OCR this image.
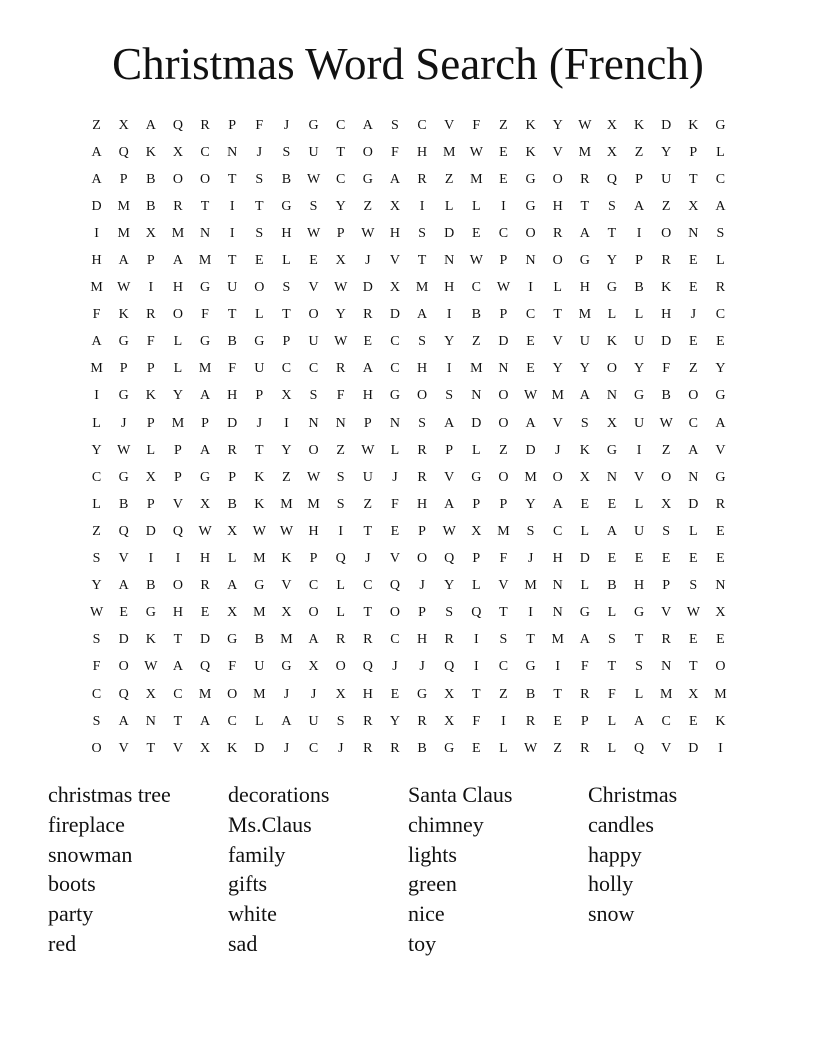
Christmas Word Search (French)
Z	X	A	Q	R	P	F	J	G	C	A	S	C	V	F	Z	K	Y	W	X	K	D	K	G
A	Q	K	X	C	N	J	S	U	T	O	F	H	M	W	E	K	V	M	X	Z	Y	P	L
A	P	B	O	O	T	S	B	W	C	G	A	R	Z	M	E	G	O	R	Q	P	U	T	C
D	M	B	R	T	I	T	G	S	Y	Z	X	I	L	L	I	G	H	T	S	A	Z	X	A
I	M	X	M	N	I	S	H	W	P	W	H	S	D	E	C	O	R	A	T	I	O	N	S
H	A	P	A	M	T	E	L	E	X	J	V	T	N	W	P	N	O	G	Y	P	R	E	L
M	W	I	H	G	U	O	S	V	W	D	X	M	H	C	W	I	L	H	G	B	K	E	R
F	K	R	O	F	T	L	T	O	Y	R	D	A	I	B	P	C	T	M	L	L	H	J	C
A	G	F	L	G	B	G	P	U	W	E	C	S	Y	Z	D	E	V	U	K	U	D	E	E
M	P	P	L	M	F	U	C	C	R	A	C	H	I	M	N	E	Y	Y	O	Y	F	Z	Y
I	G	K	Y	A	H	P	X	S	F	H	G	O	S	N	O	W	M	A	N	G	B	O	G
L	J	P	M	P	D	J	I	N	N	P	N	S	A	D	O	A	V	S	X	U	W	C	A
Y	W	L	P	A	R	T	Y	O	Z	W	L	R	P	L	Z	D	J	K	G	I	Z	A	V
C	G	X	P	G	P	K	Z	W	S	U	J	R	V	G	O	M	O	X	N	V	O	N	G
L	B	P	V	X	B	K	M	M	S	Z	F	H	A	P	P	Y	A	E	E	L	X	D	R
Z	Q	D	Q	W	X	W W	H	I	T	E	P	W	X	M	S	C	L	A	U	S	L	E
S	V	I	I	H	L	M	K	P	Q	J	V	O	Q	P	F	J	H	D	E	E	E	E	E
Y	A	B	O	R	A	G	V	C	L	C	Q	J	Y	L	V	M	N	L	B	H	P	S	N
W	E	G	H	E	X	M	X	O	L	T	O	P	S	Q	T	I	N	G	L	G	V	W	X
S	D	K	T	D	G	B	M	A	R	R	C	H	R	I	S	T	M	A	S	T	R	E	E
F	O	W	A	Q	F	U	G	X	O	Q	J	J	Q	I	C	G	I	F	T	S	N	T	O
C	Q	X	C	M	O	M	J	J	X	H	E	G	X	T	Z	B	T	R	F	L	M	X	M
S	A	N	T	A	C	L	A	U	S	R	Y	R	X	F	I	R	E	P	L	A	C	E	K
O	V	T	V	X	K	D	J	C	J	R	R	B	G	E	L	W	Z	R	L	Q	V	D	I
christmas tree
fireplace
snowman
boots
party
red
decorations
Ms.Claus
family
gifts
white
sad
Santa Claus
chimney
lights
green
nice
toy
Christmas
candles
happy
holly
snow
